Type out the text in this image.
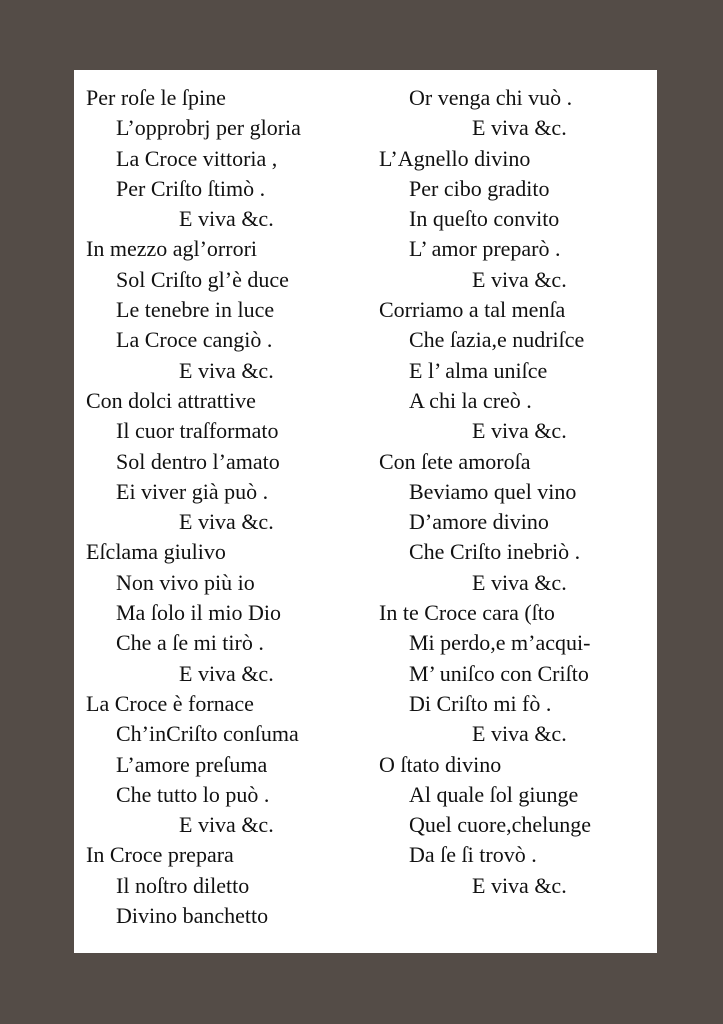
Per roſe le ſpine
L’opprobrj per gloria
La Croce vittoria ,
Per Criſto ſtimò .
E viva &c.
In mezzo agl’orrori
Sol Criſto gl’è duce
Le tenebre in luce
La Croce cangiò .
E viva &c.
Con dolci attrattive
Il cuor traſformato
Sol dentro l’amato
Ei viver già può .
E viva &c.
Eſclama giulivo
Non vivo più io
Ma ſolo il mio Dio
Che a ſe mi tirò .
E viva &c.
La Croce è fornace
Ch’inCriſto conſuma
L’amore preſuma
Che tutto lo può .
E viva &c.
In Croce prepara
Il noſtro diletto
Divino banchetto
Or venga chi vuò .
E viva &c.
L’Agnello divino
Per cibo gradito
In queſto convito
L’ amor preparò .
E viva &c.
Corriamo a tal menſa
Che ſazia,e nudriſce
E l’ alma uniſce
A chi la creò .
E viva &c.
Con ſete amoroſa
Beviamo quel vino
D’amore divino
Che Criſto inebriò .
E viva &c.
In te Croce cara (ſto
Mi perdo,e m’acqui-
M’ uniſco con Criſto
Di Criſto mi fò .
E viva &c.
O ſtato divino
Al quale ſol giunge
Quel cuore,chelunge
Da ſe ſi trovò .
E viva &c.
